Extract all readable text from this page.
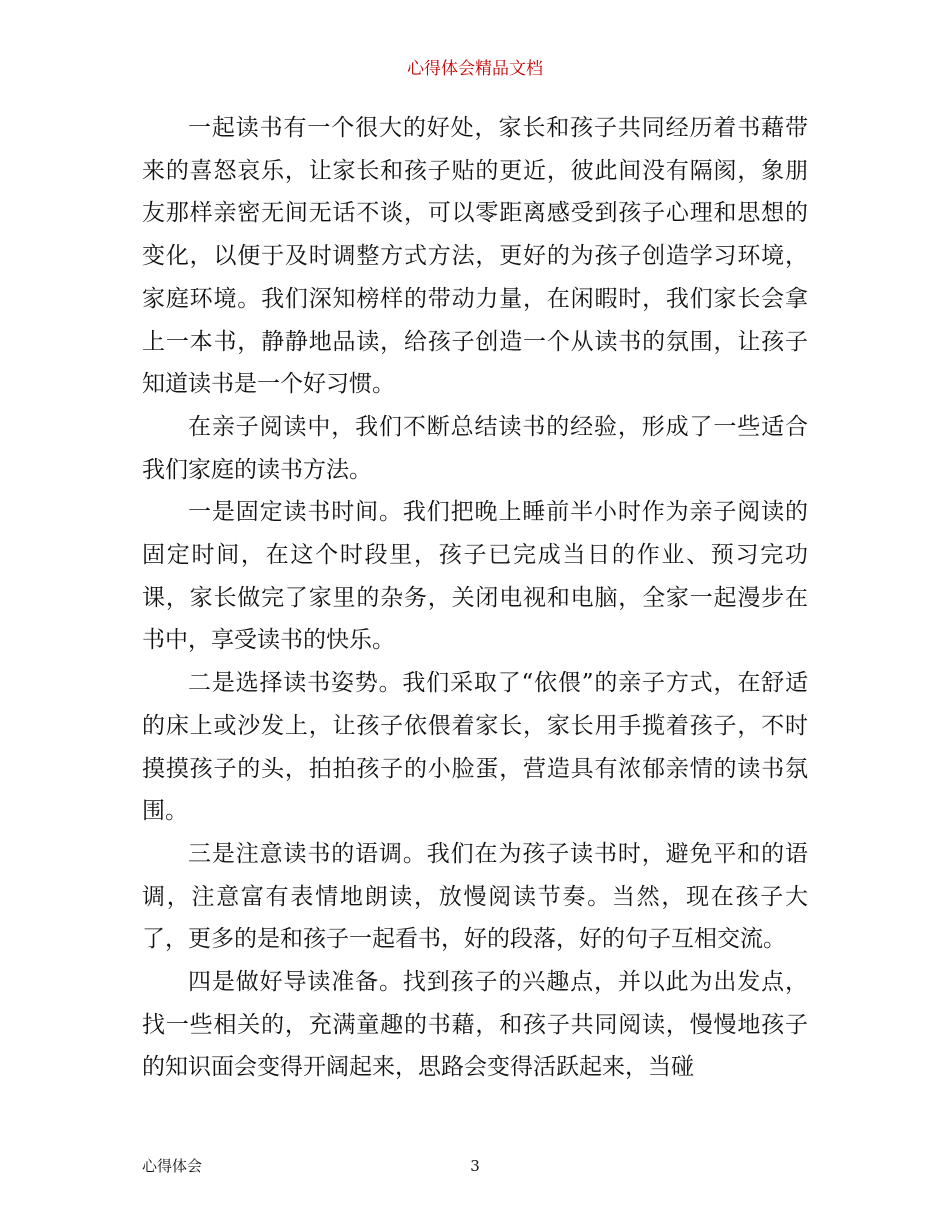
心得体会精品文档

一起读书有一个很大的好处，家长和孩子共同经历着书藉带来的喜怒哀乐，让家长和孩子贴的更近，彼此间没有隔阂，象朋友那样亲密无间无话不谈，可以零距离感受到孩子心理和思想的变化，以便于及时调整方式方法，更好的为孩子创造学习环境，家庭环境。我们深知榜样的带动力量，在闲暇时，我们家长会拿上一本书，静静地品读，给孩子创造一个从读书的氛围，让孩子知道读书是一个好习惯。

在亲子阅读中，我们不断总结读书的经验，形成了一些适合我们家庭的读书方法。

一是固定读书时间。我们把晚上睡前半小时作为亲子阅读的固定时间，在这个时段里，孩子已完成当日的作业、预习完功课，家长做完了家里的杂务，关闭电视和电脑，全家一起漫步在书中，享受读书的快乐。

二是选择读书姿势。我们采取了“依偎”的亲子方式，在舒适的床上或沙发上，让孩子依偎着家长，家长用手揽着孩子，不时摸摸孩子的头，拍拍孩子的小脸蛋，营造具有浓郁亲情的读书氛围。

三是注意读书的语调。我们在为孩子读书时，避免平和的语调，注意富有表情地朗读，放慢阅读节奏。当然，现在孩子大了，更多的是和孩子一起看书，好的段落，好的句子互相交流。

四是做好导读准备。找到孩子的兴趣点，并以此为出发点，找一些相关的，充满童趣的书藉，和孩子共同阅读，慢慢地孩子的知识面会变得开阔起来，思路会变得活跃起来，当碰

心得体会	3
